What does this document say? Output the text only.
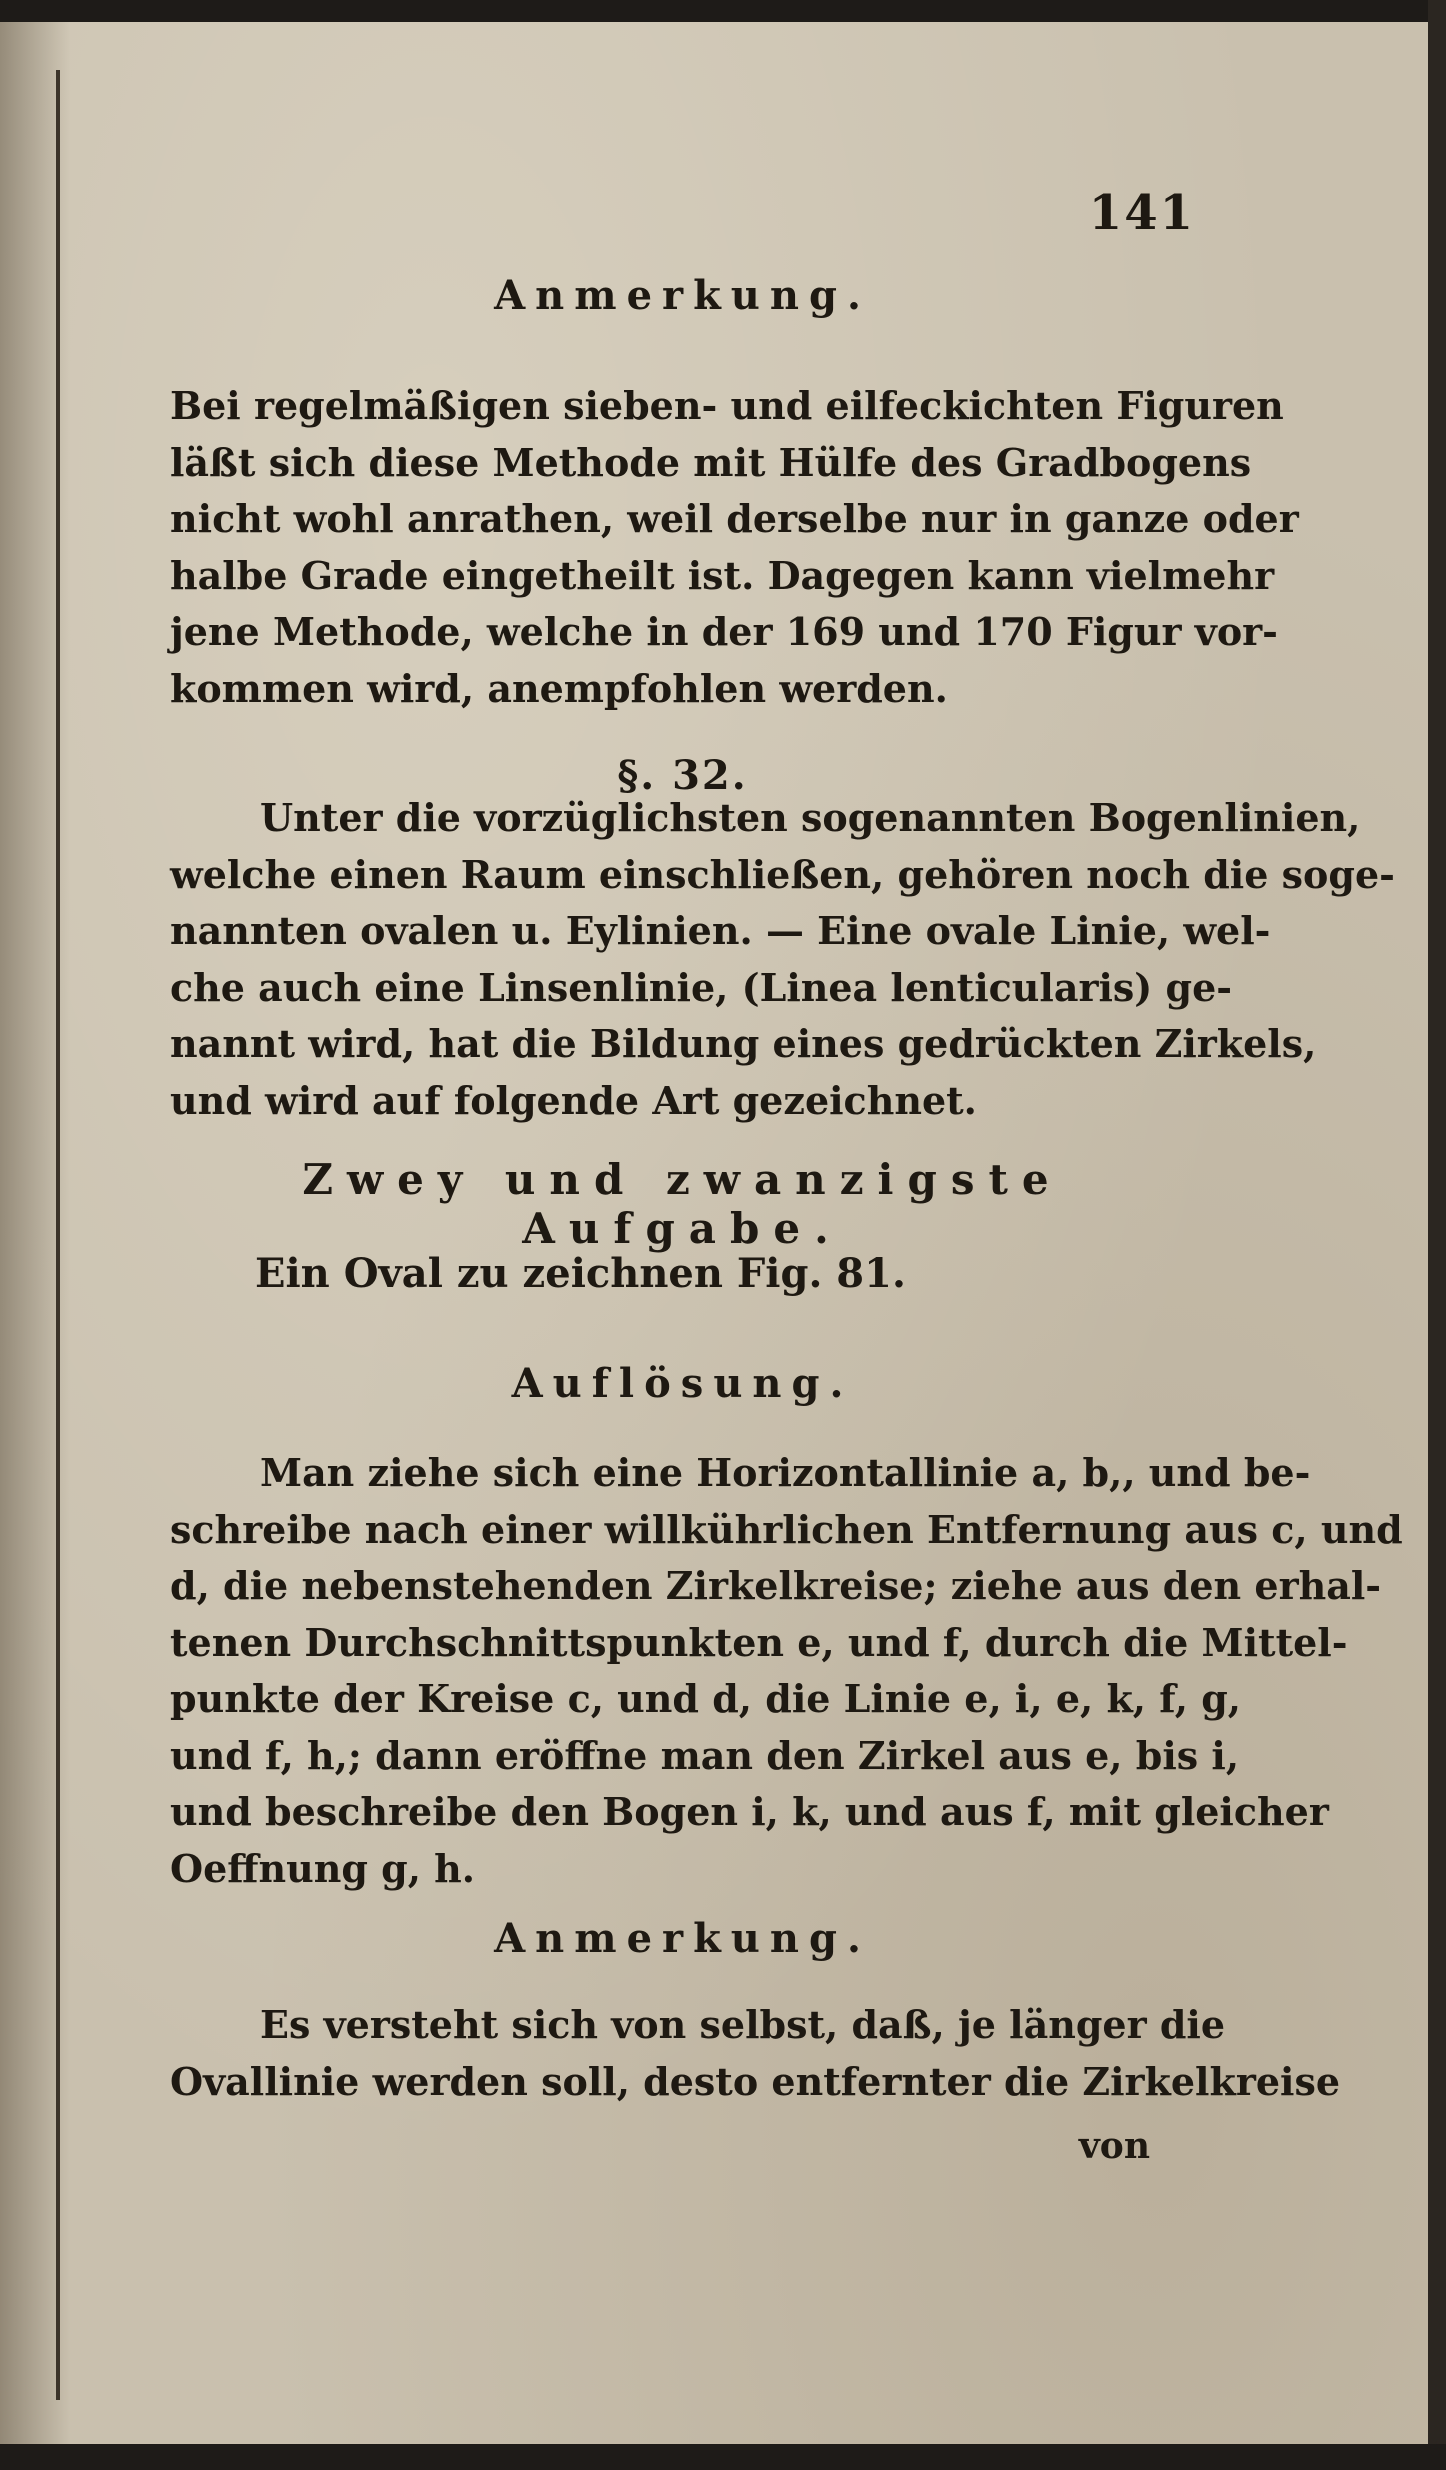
141
Anmerkung.
Bei regelmäßigen sieben- und eilfeckichten Figuren
läßt sich diese Methode mit Hülfe des Gradbogens
nicht wohl anrathen, weil derselbe nur in ganze oder
halbe Grade eingetheilt ist. Dagegen kann vielmehr
jene Methode, welche in der 169 und 170 Figur vor-
kommen wird, anempfohlen werden.
§. 32.
Unter die vorzüglichsten sogenannten Bogenlinien,
welche einen Raum einschließen, gehören noch die soge-
nannten ovalen u. Eylinien. — Eine ovale Linie, wel-
che auch eine Linsenlinie, (Linea lenticularis) ge-
nannt wird, hat die Bildung eines gedrückten Zirkels,
und wird auf folgende Art gezeichnet.
Zwey und zwanzigste Aufgabe.
Ein Oval zu zeichnen Fig. 81.
Auflösung.
Man ziehe sich eine Horizontallinie a, b,, und be-
schreibe nach einer willkührlichen Entfernung aus c, und
d, die nebenstehenden Zirkelkreise; ziehe aus den erhal-
tenen Durchschnittspunkten e, und f, durch die Mittel-
punkte der Kreise c, und d, die Linie e, i, e, k, f, g,
und f, h,; dann eröffne man den Zirkel aus e, bis i,
und beschreibe den Bogen i, k, und aus f, mit gleicher
Oeffnung g, h.
Anmerkung.
Es versteht sich von selbst, daß, je länger die
Ovallinie werden soll, desto entfernter die Zirkelkreise
von
